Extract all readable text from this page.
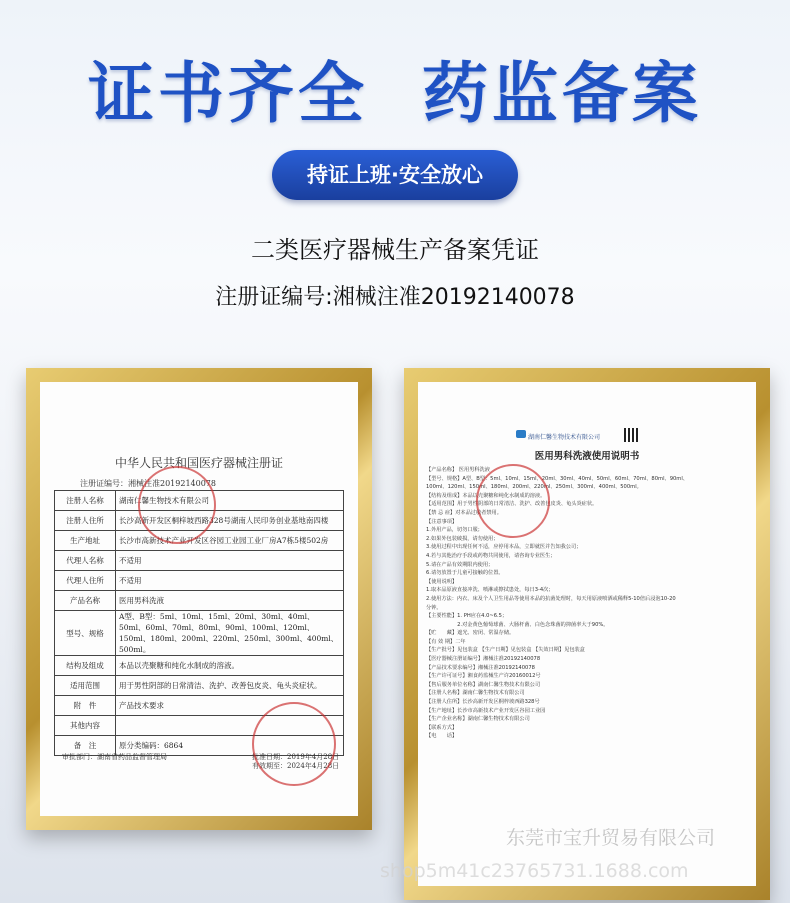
证书齐全  药监备案
持证上班·安全放心
二类医疗器械生产备案凭证
注册证编号:湘械注准20192140078
中华人民共和国医疗器械注册证
注册证编号：湘械注准20192140078
注册人名称	湖南仁馨生物技术有限公司
注册人住所	长沙高新开发区桐梓坡西路328号湖南人民印务创业基地南四楼
生产地址	长沙市高新技术产业开发区谷园工业园工业厂房A7栋5楼502房
代理人名称	不适用
代理人住所	不适用
产品名称	医用男科洗液
型号、规格	A型、B型：5ml、10ml、15ml、20ml、30ml、40ml、50ml、60ml、70ml、80ml、90ml、100ml、120ml、150ml、180ml、200ml、220ml、250ml、300ml、400ml、500ml。
结构及组成	本品以壳聚糖和纯化水制成的溶液。
适用范围	用于男性阴部的日常清洁、洗护、改善包皮炎、龟头炎症状。
附　件	产品技术要求
其他内容	
备　注	原分类编码：6864
审批部门：湖南省药品监督管理局	批准日期：2019年4月28日
有效期至：2024年4月28日
湖南仁馨生物技术有限公司
医用男科洗液使用说明书
【产品名称】 医用男科洗液
【型号、规格】A型、B型：5ml、10ml、15ml、20ml、30ml、40ml、50ml、60ml、70ml、80ml、90ml、
100ml、120ml、150ml、180ml、200ml、220ml、250ml、300ml、400ml、500ml。
【结构及组成】本品以壳聚糖和纯化水制成的溶液。
【适用范围】用于男性阴部的日常清洁、洗护、改善包皮炎、龟头炎症状。
【禁 忌 症】对本品过敏者禁用。
【注意事项】
1.外用产品，切勿口服；
2.如果外包装破损，请勿使用；
3.使用过程中出现任何不适，应停用本品，立即就医并告知我公司；
4.若与其他治疗手段或药物共同使用，请咨询专业医生；
5.请在产品有效期限内使用；
6.请勿放置于儿童可接触的位置。
【使用说明】
1.取本品原液直接冲洗、喷淋或擦拭患处，每日3-4次；
2.使用方法：内衣、床及个人卫生用品等使用本品的抗菌处理时，每天用原液喷洒或稀释5-10倍后浸泡10-20
分钟。
【主要性能】1. PH应在4.0~6.5；
　　　　　　2.对金黄色葡萄球菌、大肠杆菌、白色念珠菌的抑菌率大于90%。
【贮　　藏】遮光、密闭、常温存储。
【有 效 期】二年
【生产批号】见包装盒 【生产日期】见包装盒 【失效日期】见包装盒
【医疗器械注册证编号】湘械注准20192140078
【产品技术要求编号】湘械注准20192140078
【生产许可证号】湘食药监械生产许20160012号
【售后服务单位名称】湖南仁馨生物技术有限公司
【注册人名称】湖南仁馨生物技术有限公司
【注册人住所】长沙高新开发区桐梓坡西路328号
【生产地址】长沙市高新技术产业开发区谷园工业园
【生产企业名称】湖南仁馨生物技术有限公司
【联系方式】
【电　　话】
东莞市宝升贸易有限公司
shop5m41c23765731.1688.com
